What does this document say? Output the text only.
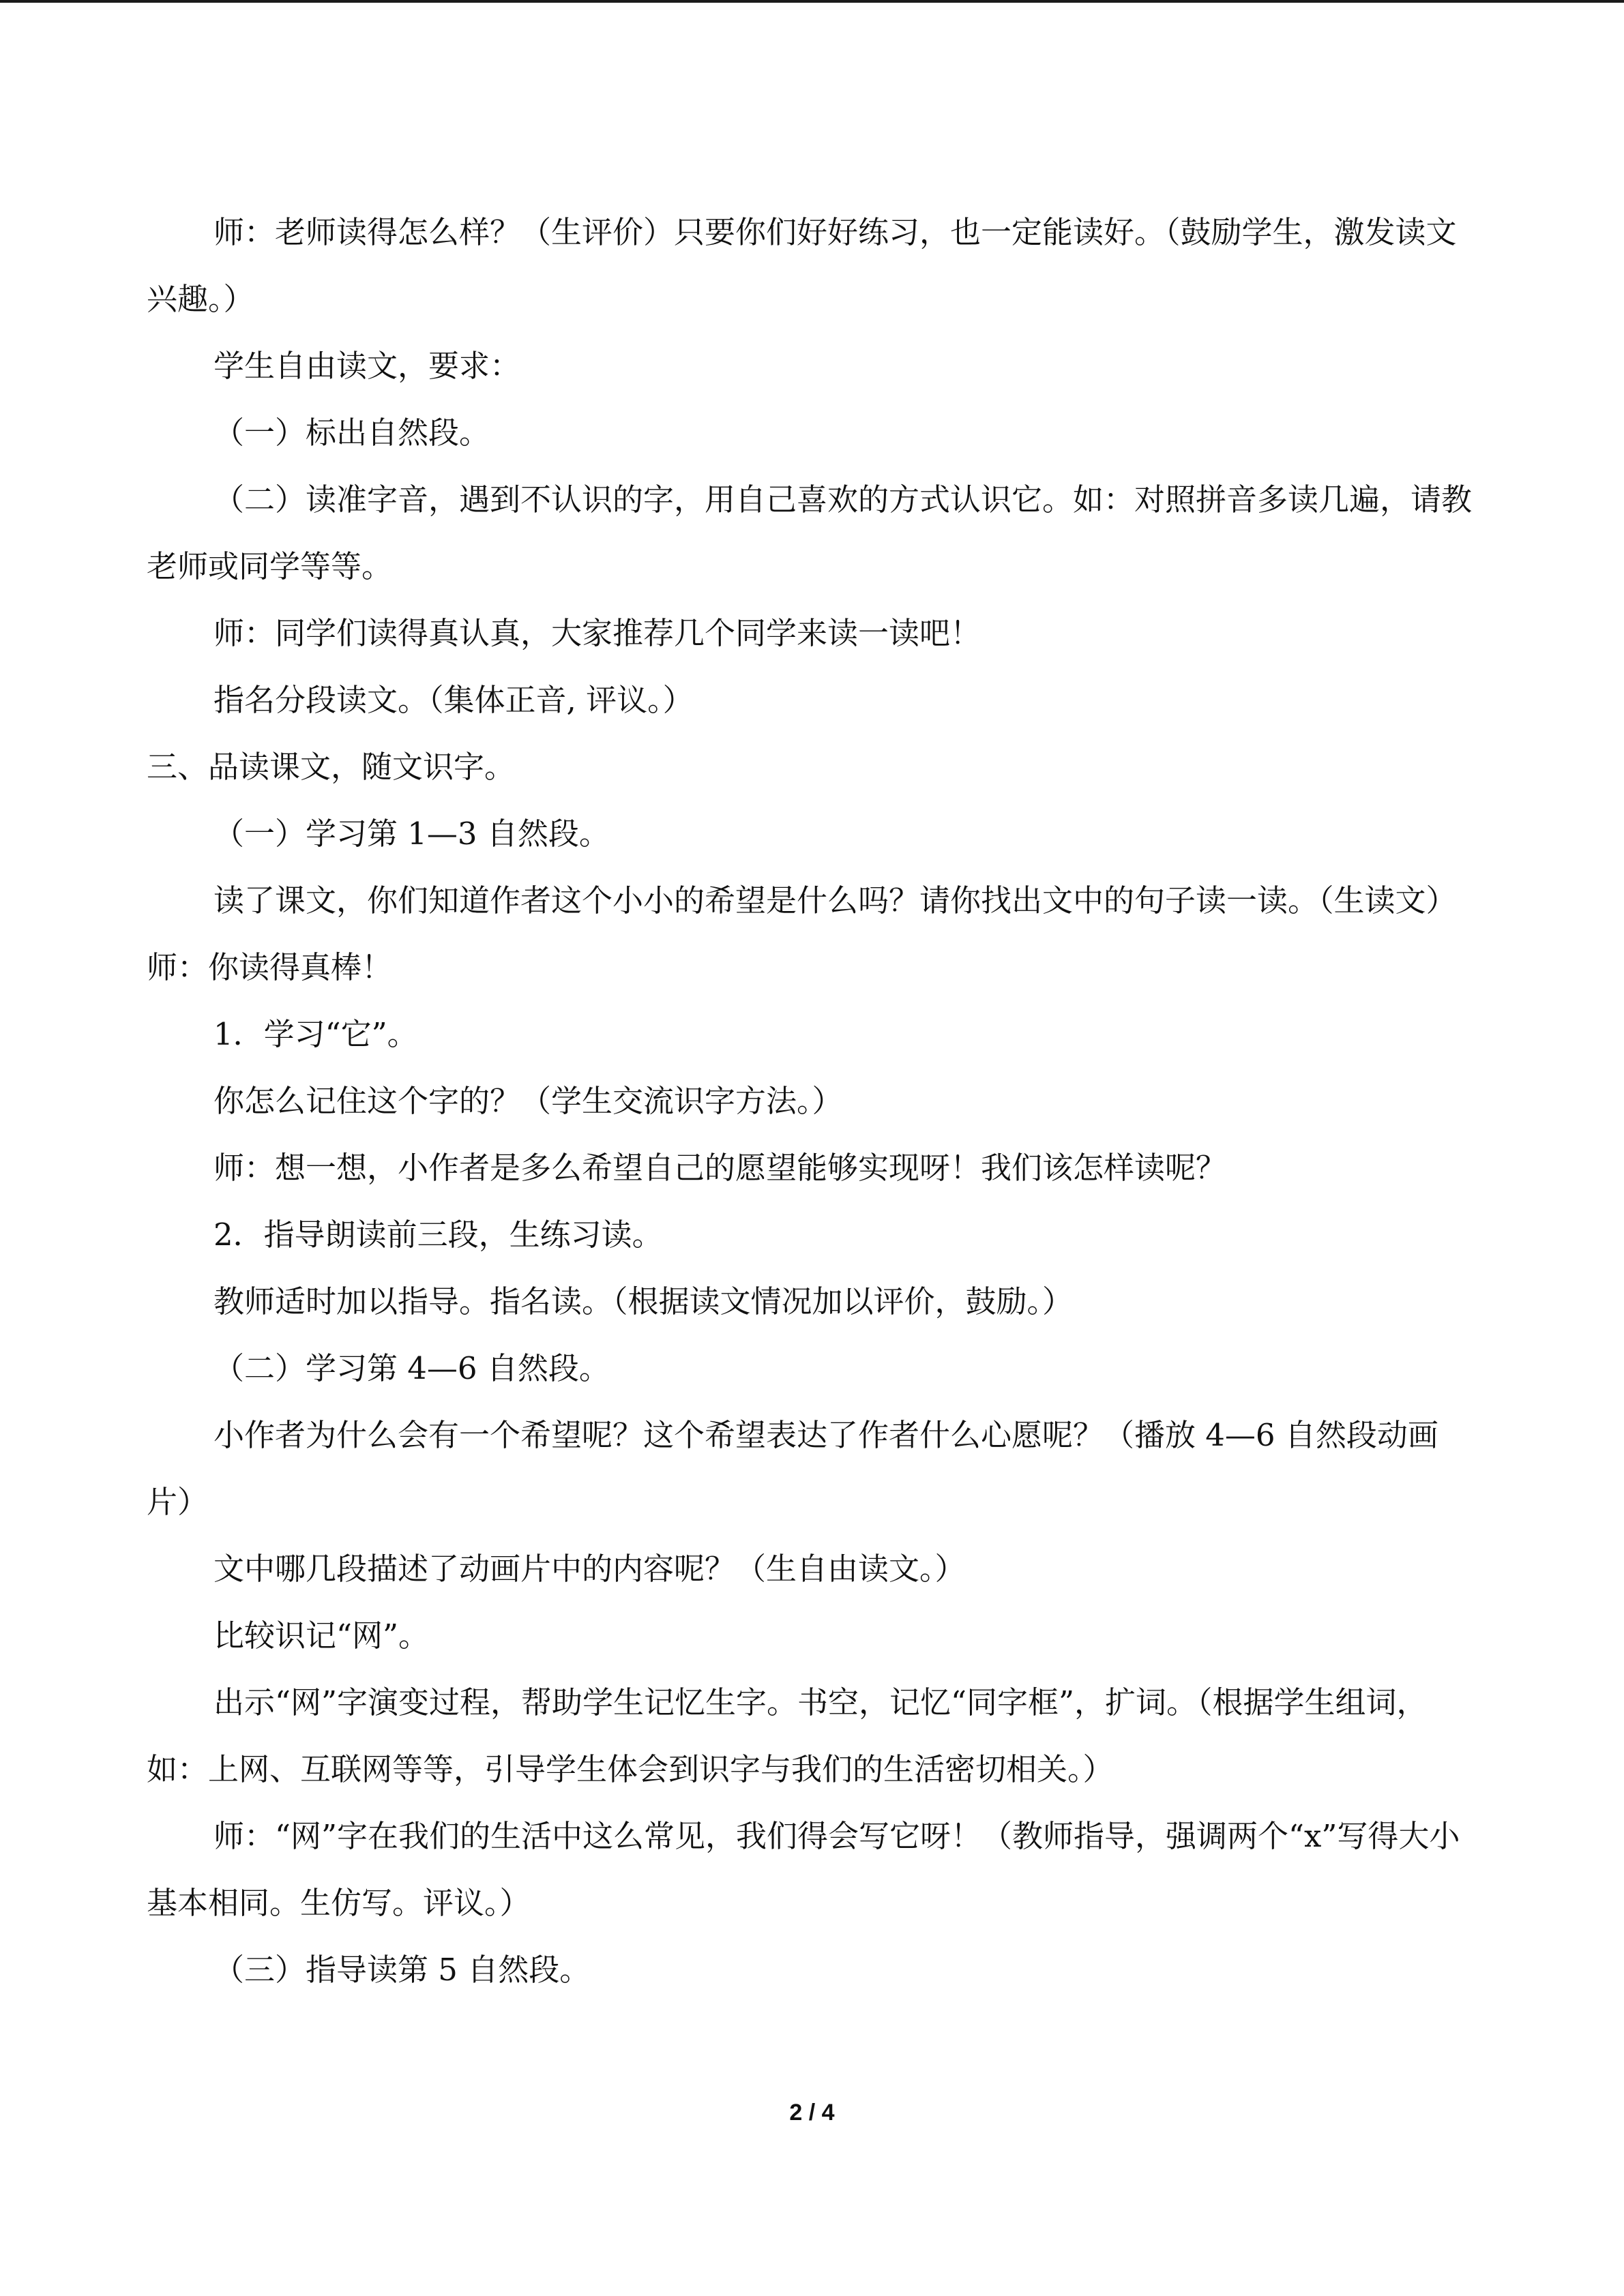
师：老师读得怎么样？（生评价）只要你们好好练习，也一定能读好。（鼓励学生，激发读文兴趣。）

学生自由读文，要求：

（一）标出自然段。

（二）读准字音，遇到不认识的字，用自己喜欢的方式认识它。如：对照拼音多读几遍，请教老师或同学等等。

师：同学们读得真认真，大家推荐几个同学来读一读吧！

指名分段读文。（集体正音, 评议。）

三、品读课文，随文识字。

（一）学习第 1—3 自然段。

读了课文，你们知道作者这个小小的希望是什么吗？请你找出文中的句子读一读。（生读文）师：你读得真棒！

1．学习“它”。

你怎么记住这个字的？（学生交流识字方法。）

师：想一想，小作者是多么希望自己的愿望能够实现呀！我们该怎样读呢？

2．指导朗读前三段，生练习读。

教师适时加以指导。指名读。（根据读文情况加以评价，鼓励。）

（二）学习第 4—6 自然段。

小作者为什么会有一个希望呢？这个希望表达了作者什么心愿呢？（播放 4—6 自然段动画片）

文中哪几段描述了动画片中的内容呢？（生自由读文。）

比较识记“网”。

出示“网”字演变过程，帮助学生记忆生字。书空，记忆“同字框”，扩词。（根据学生组词，如：上网、互联网等等，引导学生体会到识字与我们的生活密切相关。）

师：“网”字在我们的生活中这么常见，我们得会写它呀！（教师指导，强调两个“x”写得大小基本相同。生仿写。评议。）

（三）指导读第 5 自然段。

2 / 4
